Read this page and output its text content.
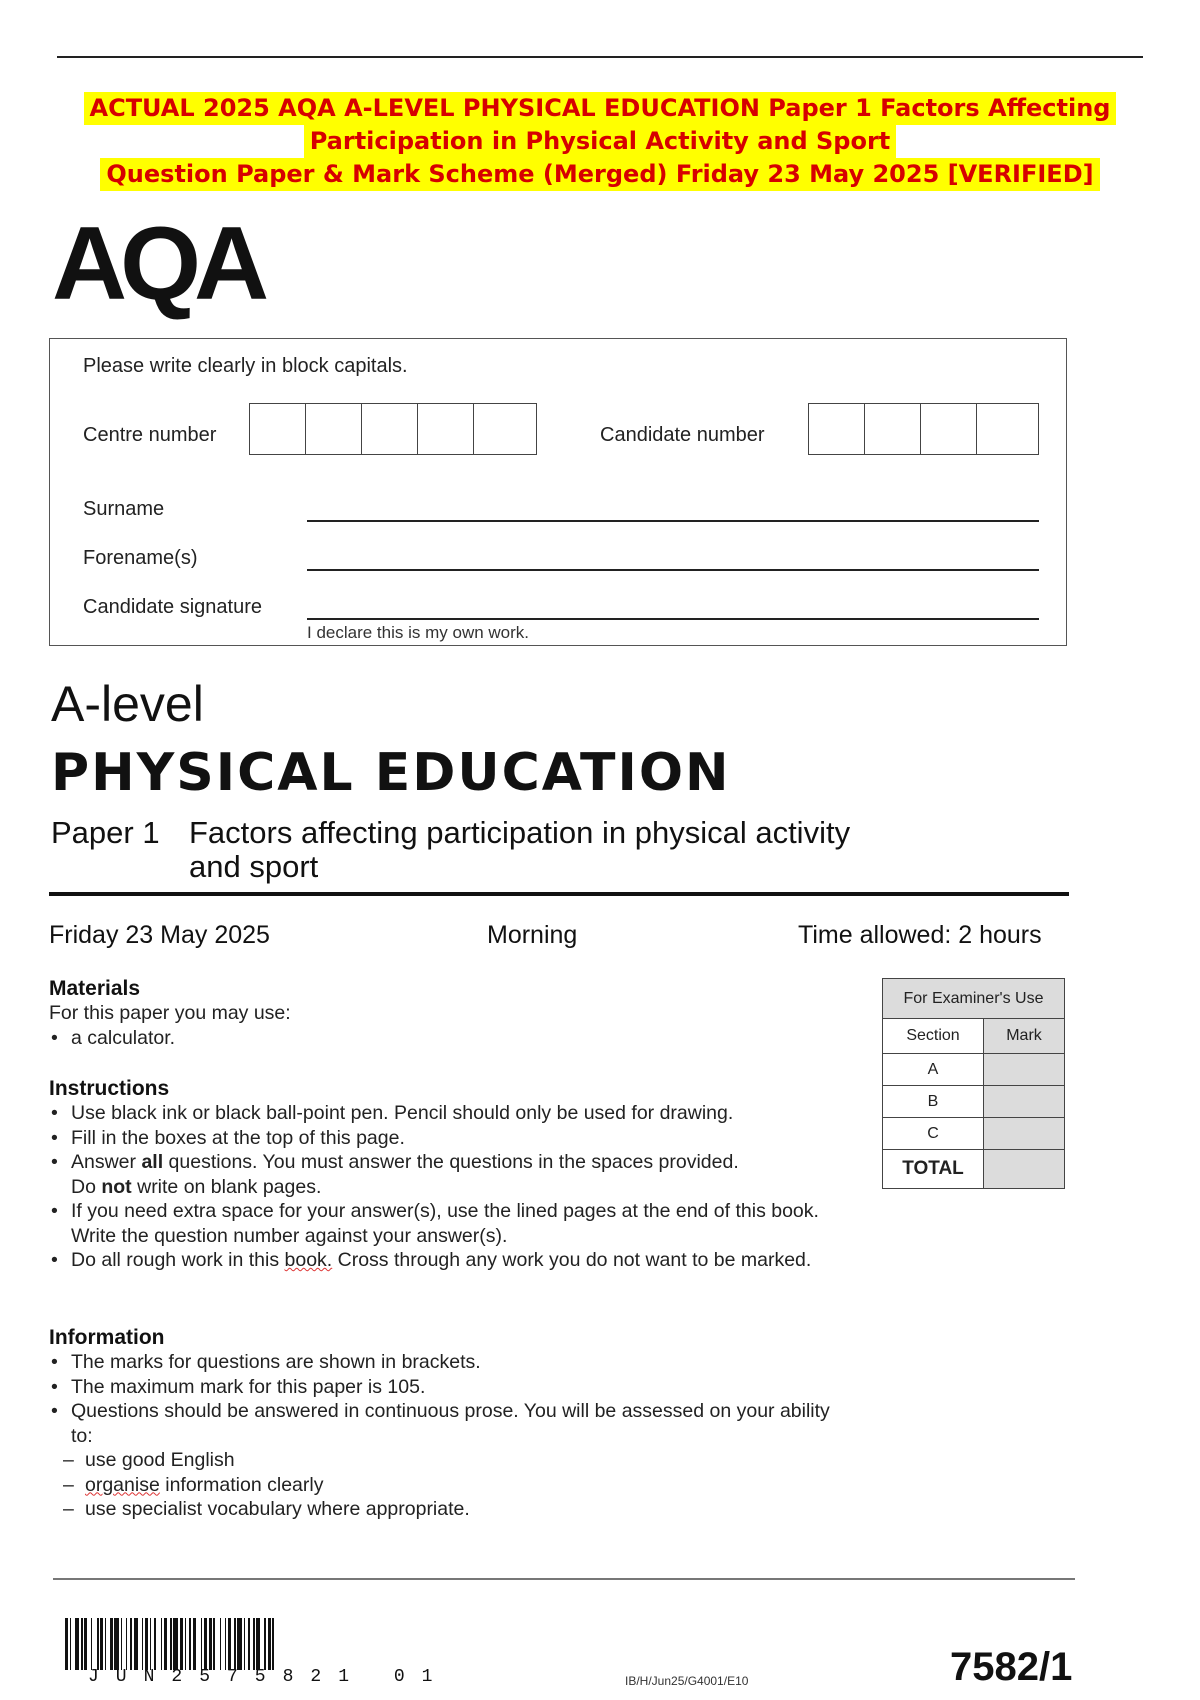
ACTUAL 2025 AQA A-LEVEL PHYSICAL EDUCATION Paper 1 Factors Affecting
Participation in Physical Activity and Sport
Question Paper & Mark Scheme (Merged) Friday 23 May 2025 [VERIFIED]
AQA
Please write clearly in block capitals.
Centre number	Candidate number
Surname
Forename(s)
Candidate signature
I declare this is my own work.
A-level
PHYSICAL EDUCATION
Paper 1 Factors affecting participation in physical activity
and sport
Friday 23 May 2025	Morning	Time allowed: 2 hours
Materials
For this paper you may use:
• a calculator.
Instructions
• Use black ink or black ball-point pen. Pencil should only be used for drawing.
• Fill in the boxes at the top of this page.
• Answer all questions. You must answer the questions in the spaces provided.
Do not write on blank pages.
• If you need extra space for your answer(s), use the lined pages at the end of this book. Write the question number against your answer(s).
• Do all rough work in this book. Cross through any work you do not want to be marked.
Information
• The marks for questions are shown in brackets.
• The maximum mark for this paper is 105.
• Questions should be answered in continuous prose. You will be assessed on your ability to:
– use good English
– organise information clearly
– use specialist vocabulary where appropriate.
For Examiner's Use	
Section	Mark
A	
B	
C	
TOTAL	
JUN2575821 01	IB/H/Jun25/G4001/E10	7582/1
